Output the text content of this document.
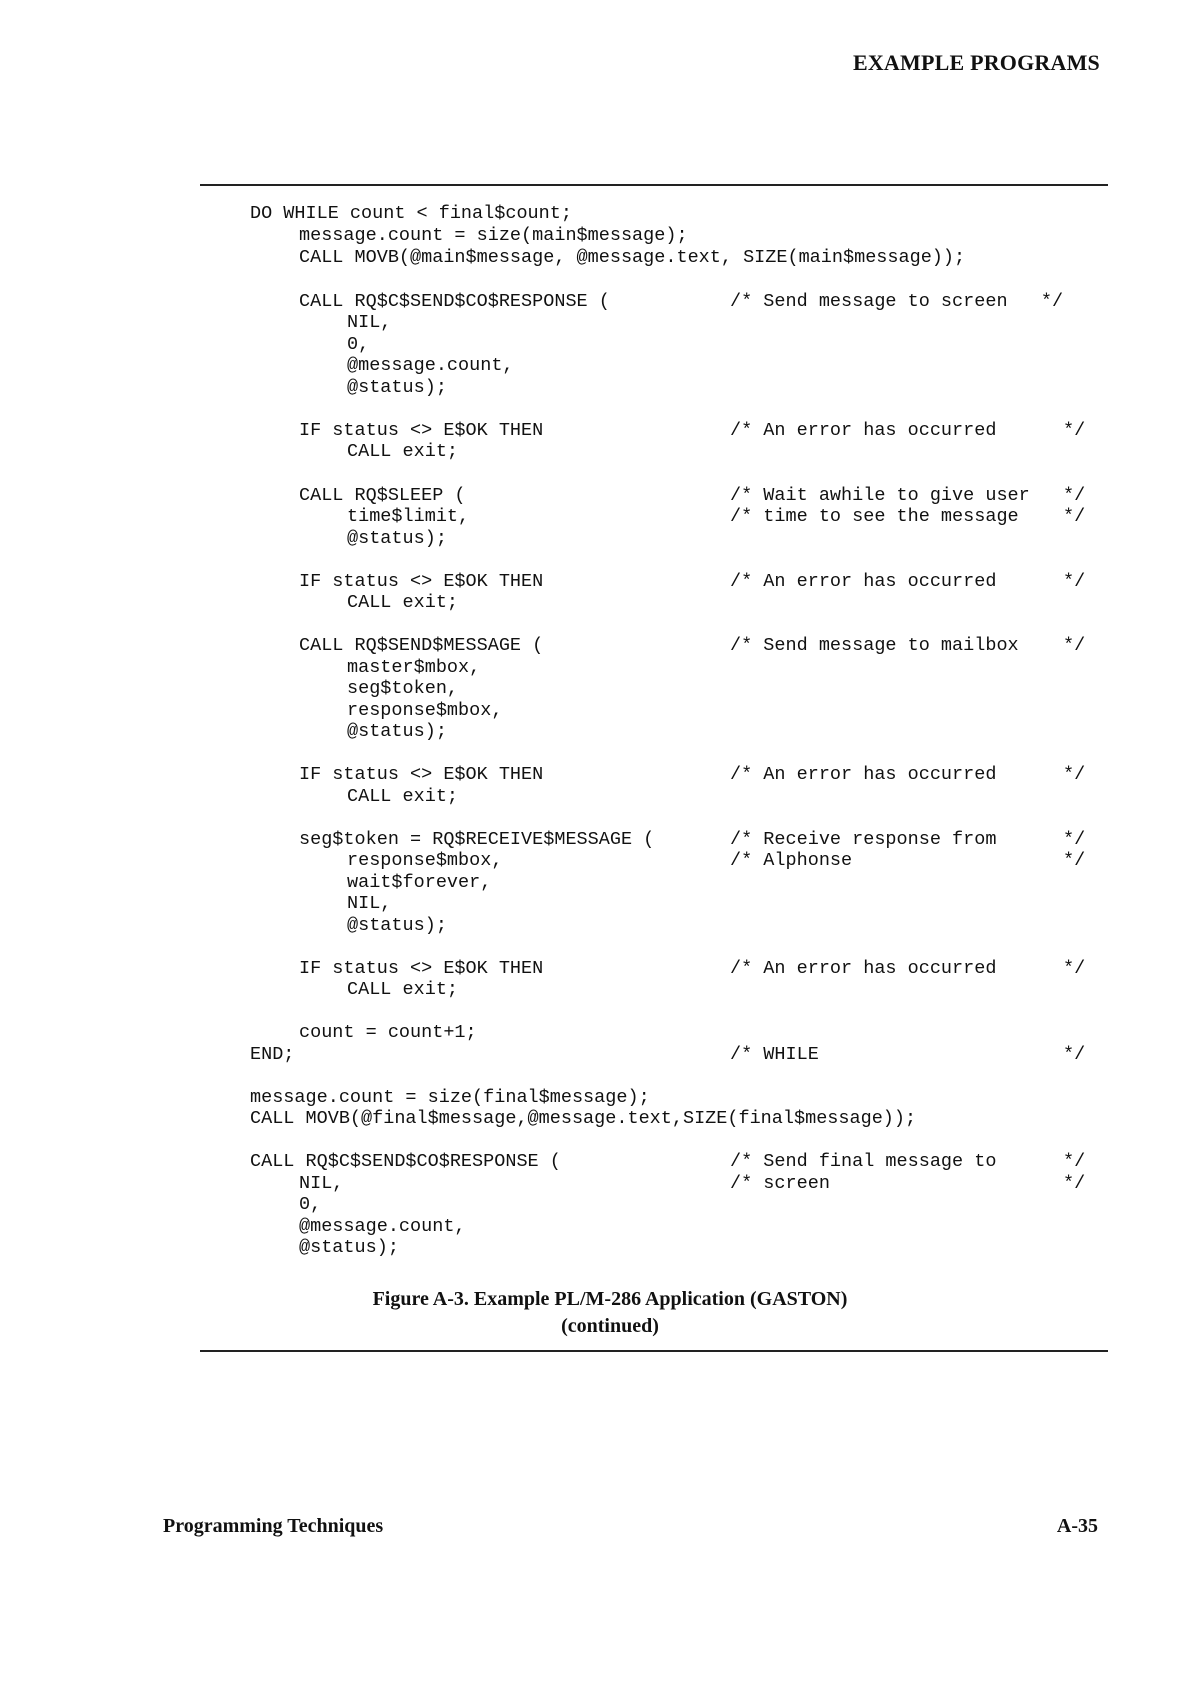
EXAMPLE PROGRAMS
DO WHILE count < final$count;
message.count = size(main$message);
CALL MOVB(@main$message, @message.text, SIZE(main$message));
CALL RQ$C$SEND$CO$RESPONSE (	/* Send message to screen   */
NIL,
0,
@message.count,
@status);
IF status <> E$OK THEN	/* An error has occurred      */
CALL exit;
CALL RQ$SLEEP (	/* Wait awhile to give user   */
time$limit,	/* time to see the message    */
@status);
IF status <> E$OK THEN	/* An error has occurred      */
CALL exit;
CALL RQ$SEND$MESSAGE (	/* Send message to mailbox    */
master$mbox,
seg$token,
response$mbox,
@status);
IF status <> E$OK THEN	/* An error has occurred      */
CALL exit;
seg$token = RQ$RECEIVE$MESSAGE (	/* Receive response from      */
response$mbox,	/* Alphonse                   */
wait$forever,
NIL,
@status);
IF status <> E$OK THEN	/* An error has occurred      */
CALL exit;
count = count+1;
END;	/* WHILE                      */
message.count = size(final$message);
CALL MOVB(@final$message,@message.text,SIZE(final$message));
CALL RQ$C$SEND$CO$RESPONSE (	/* Send final message to      */
NIL,	/* screen                     */
0,
@message.count,
@status);
Figure A-3. Example PL/M-286 Application (GASTON)
(continued)
Programming Techniques	A-35
